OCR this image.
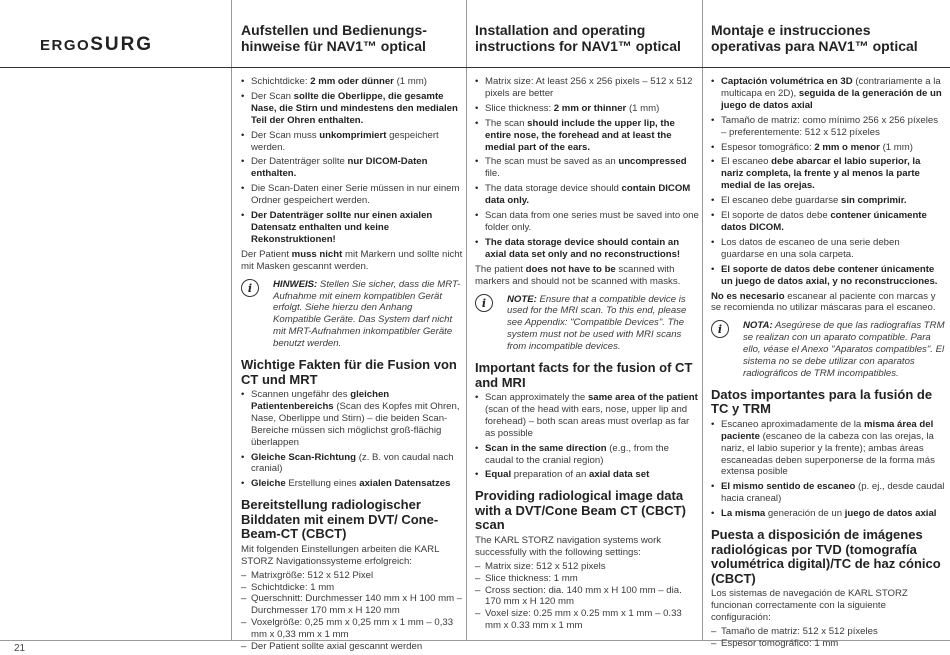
ERGOSURG
Aufstellen und Bedienungs-
hinweise für NAV1™ optical
Installation and operating
instructions for NAV1™ optical
Montaje e instrucciones
operativas para NAV1™ optical
• Schichtdicke: 2 mm oder dünner (1 mm)
• Der Scan sollte die Oberlippe, die gesamte Nase, die Stirn und mindestens den medialen Teil der Ohren enthalten.
• Der Scan muss unkomprimiert gespeichert werden.
• Der Datenträger sollte nur DICOM-Daten enthalten.
• Die Scan-Daten einer Serie müssen in nur einem Ordner gespeichert werden.
• Der Datenträger sollte nur einen axialen Datensatz enthalten und keine Rekonstruktionen!

Der Patient muss nicht mit Markern und sollte nicht mit Masken gescannt werden.

i	HINWEIS: Stellen Sie sicher, dass die MRT-Aufnahme mit einem kompatiblen Gerät erfolgt. Siehe hierzu den Anhang Kompatible Geräte. Das System darf nicht mit MRT-Aufnahmen inkompatibler Geräte benutzt werden.
Wichtige Fakten für die Fusion von CT und MRT
• Scannen ungefähr des gleichen Patientenbereichs (Scan des Kopfes mit Ohren, Nase, Oberlippe und Stirn) – die beiden Scan-Bereiche müssen sich möglichst groß-flächig überlappen
• Gleiche Scan-Richtung (z. B. von caudal nach cranial)
• Gleiche Erstellung eines axialen Datensatzes
Bereitstellung radiologischer Bilddaten mit einem DVT/ Cone-Beam-CT (CBCT)

Mit folgenden Einstellungen arbeiten die KARL STORZ Navigationssysteme erfolgreich:

– Matrixgröße: 512 x 512 Pixel
– Schichtdicke: 1 mm
– Querschnitt: Durchmesser 140 mm x H 100 mm – Durchmesser 170 mm x H 120 mm
– Voxelgröße: 0,25 mm x 0,25 mm x 1 mm – 0,33 mm x 0,33 mm x 1 mm
– Der Patient sollte axial gescannt werden
• Matrix size: At least 256 x 256 pixels – 512 x 512 pixels are better
• Slice thickness: 2 mm or thinner (1 mm)
• The scan should include the upper lip, the entire nose, the forehead and at least the medial part of the ears.
• The scan must be saved as an uncompressed file.
• The data storage device should contain DICOM data only.
• Scan data from one series must be saved into one folder only.
• The data storage device should contain an axial data set only and no reconstructions!

The patient does not have to be scanned with markers and should not be scanned with masks.

i	NOTE: Ensure that a compatible device is used for the MRI scan. To this end, please see Appendix: "Compatible Devices". The system must not be used with MRI scans from incompatible devices.
Important facts for the fusion of CT and MRI
• Scan approximately the same area of the patient (scan of the head with ears, nose, upper lip and forehead) – both scan areas must overlap as far as possible
• Scan in the same direction (e.g., from the caudal to the cranial region)
• Equal preparation of an axial data set
Providing radiological image data with a DVT/Cone Beam CT (CBCT) scan

The KARL STORZ navigation systems work successfully with the following settings:

– Matrix size: 512 x 512 pixels
– Slice thickness: 1 mm
– Cross section: dia. 140 mm x H 100 mm – dia. 170 mm x H 120 mm
– Voxel size: 0.25 mm x 0.25 mm x 1 mm – 0.33 mm x 0.33 mm x 1 mm
• Captación volumétrica en 3D (contrariamente a la multicapa en 2D), seguida de la generación de un juego de datos axial
• Tamaño de matriz: como mínimo 256 x 256 píxeles – preferentemente: 512 x 512 píxeles
• Espesor tomográfico: 2 mm o menor (1 mm)
• El escaneo debe abarcar el labio superior, la nariz completa, la frente y al menos la parte medial de las orejas.
• El escaneo debe guardarse sin comprimir.
• El soporte de datos debe contener únicamente datos DICOM.
• Los datos de escaneo de una serie deben guardarse en una sola carpeta.
• El soporte de datos debe contener únicamente un juego de datos axial, y no reconstrucciones.

No es necesario escanear al paciente con marcas y se recomienda no utilizar máscaras para el escaneo.

i	NOTA: Asegúrese de que las radiografías TRM se realizan con un aparato compatible. Para ello, véase el Anexo "Aparatos compatibles". El sistema no se debe utilizar con aparatos radiográficos de TRM incompatibles.
Datos importantes para la fusión de TC y TRM
• Escaneo aproximadamente de la misma área del paciente (escaneo de la cabeza con las orejas, la nariz, el labio superior y la frente); ambas áreas escaneadas deben superponerse de la forma más extensa posible
• El mismo sentido de escaneo (p. ej., desde caudal hacia craneal)
• La misma generación de un juego de datos axial
Puesta a disposición de imágenes radiológicas por TVD (tomografía volumétrica digital)/TC de haz cónico (CBCT)

Los sistemas de navegación de KARL STORZ funcionan correctamente con la siguiente configuración:

– Tamaño de matriz: 512 x 512 píxeles
– Espesor tomográfico: 1 mm
21
